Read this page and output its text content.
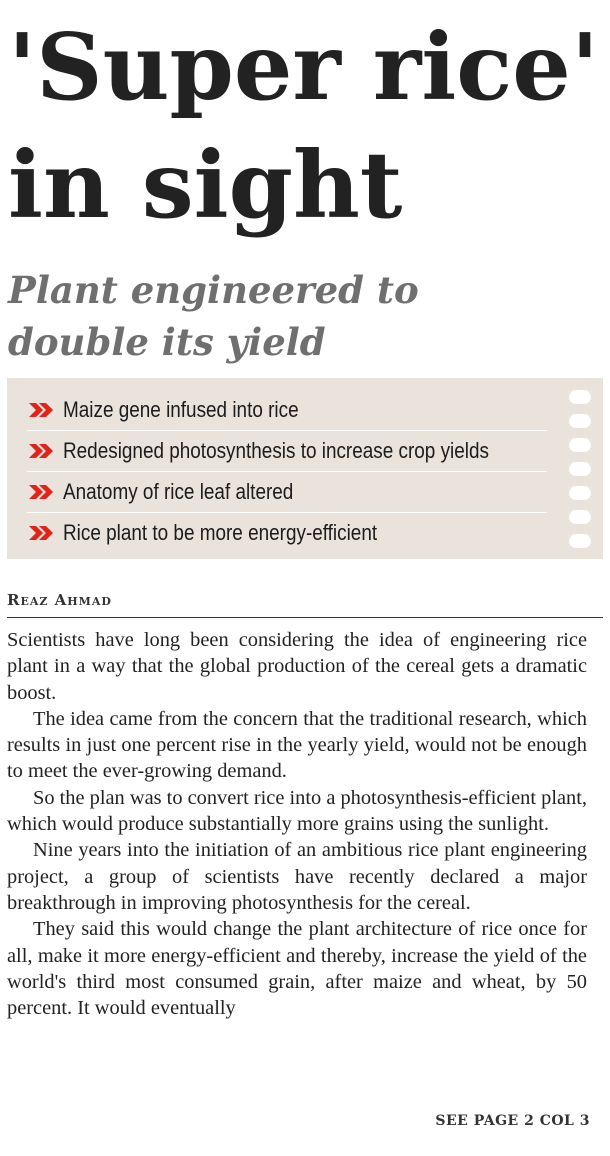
'Super rice'
in sight
Plant engineered to
double its yield
Maize gene infused into rice
Redesigned photosynthesis to increase crop yields
Anatomy of rice leaf altered
Rice plant to be more energy-efficient
Reaz Ahmad

Scientists have long been considering the idea of engineering rice plant in a way that the global production of the cereal gets a dramatic boost.

The idea came from the concern that the traditional research, which results in just one percent rise in the yearly yield, would not be enough to meet the ever-growing demand.

So the plan was to convert rice into a photosynthesis-efficient plant, which would produce substantially more grains using the sunlight.

Nine years into the initiation of an ambitious rice plant engineering project, a group of scientists have recently declared a major breakthrough in improving photosynthesis for the cereal.

They said this would change the plant architecture of rice once for all, make it more energy-efficient and thereby, increase the yield of the world's third most consumed grain, after maize and wheat, by 50 percent. It would eventually

SEE PAGE 2 COL 3
